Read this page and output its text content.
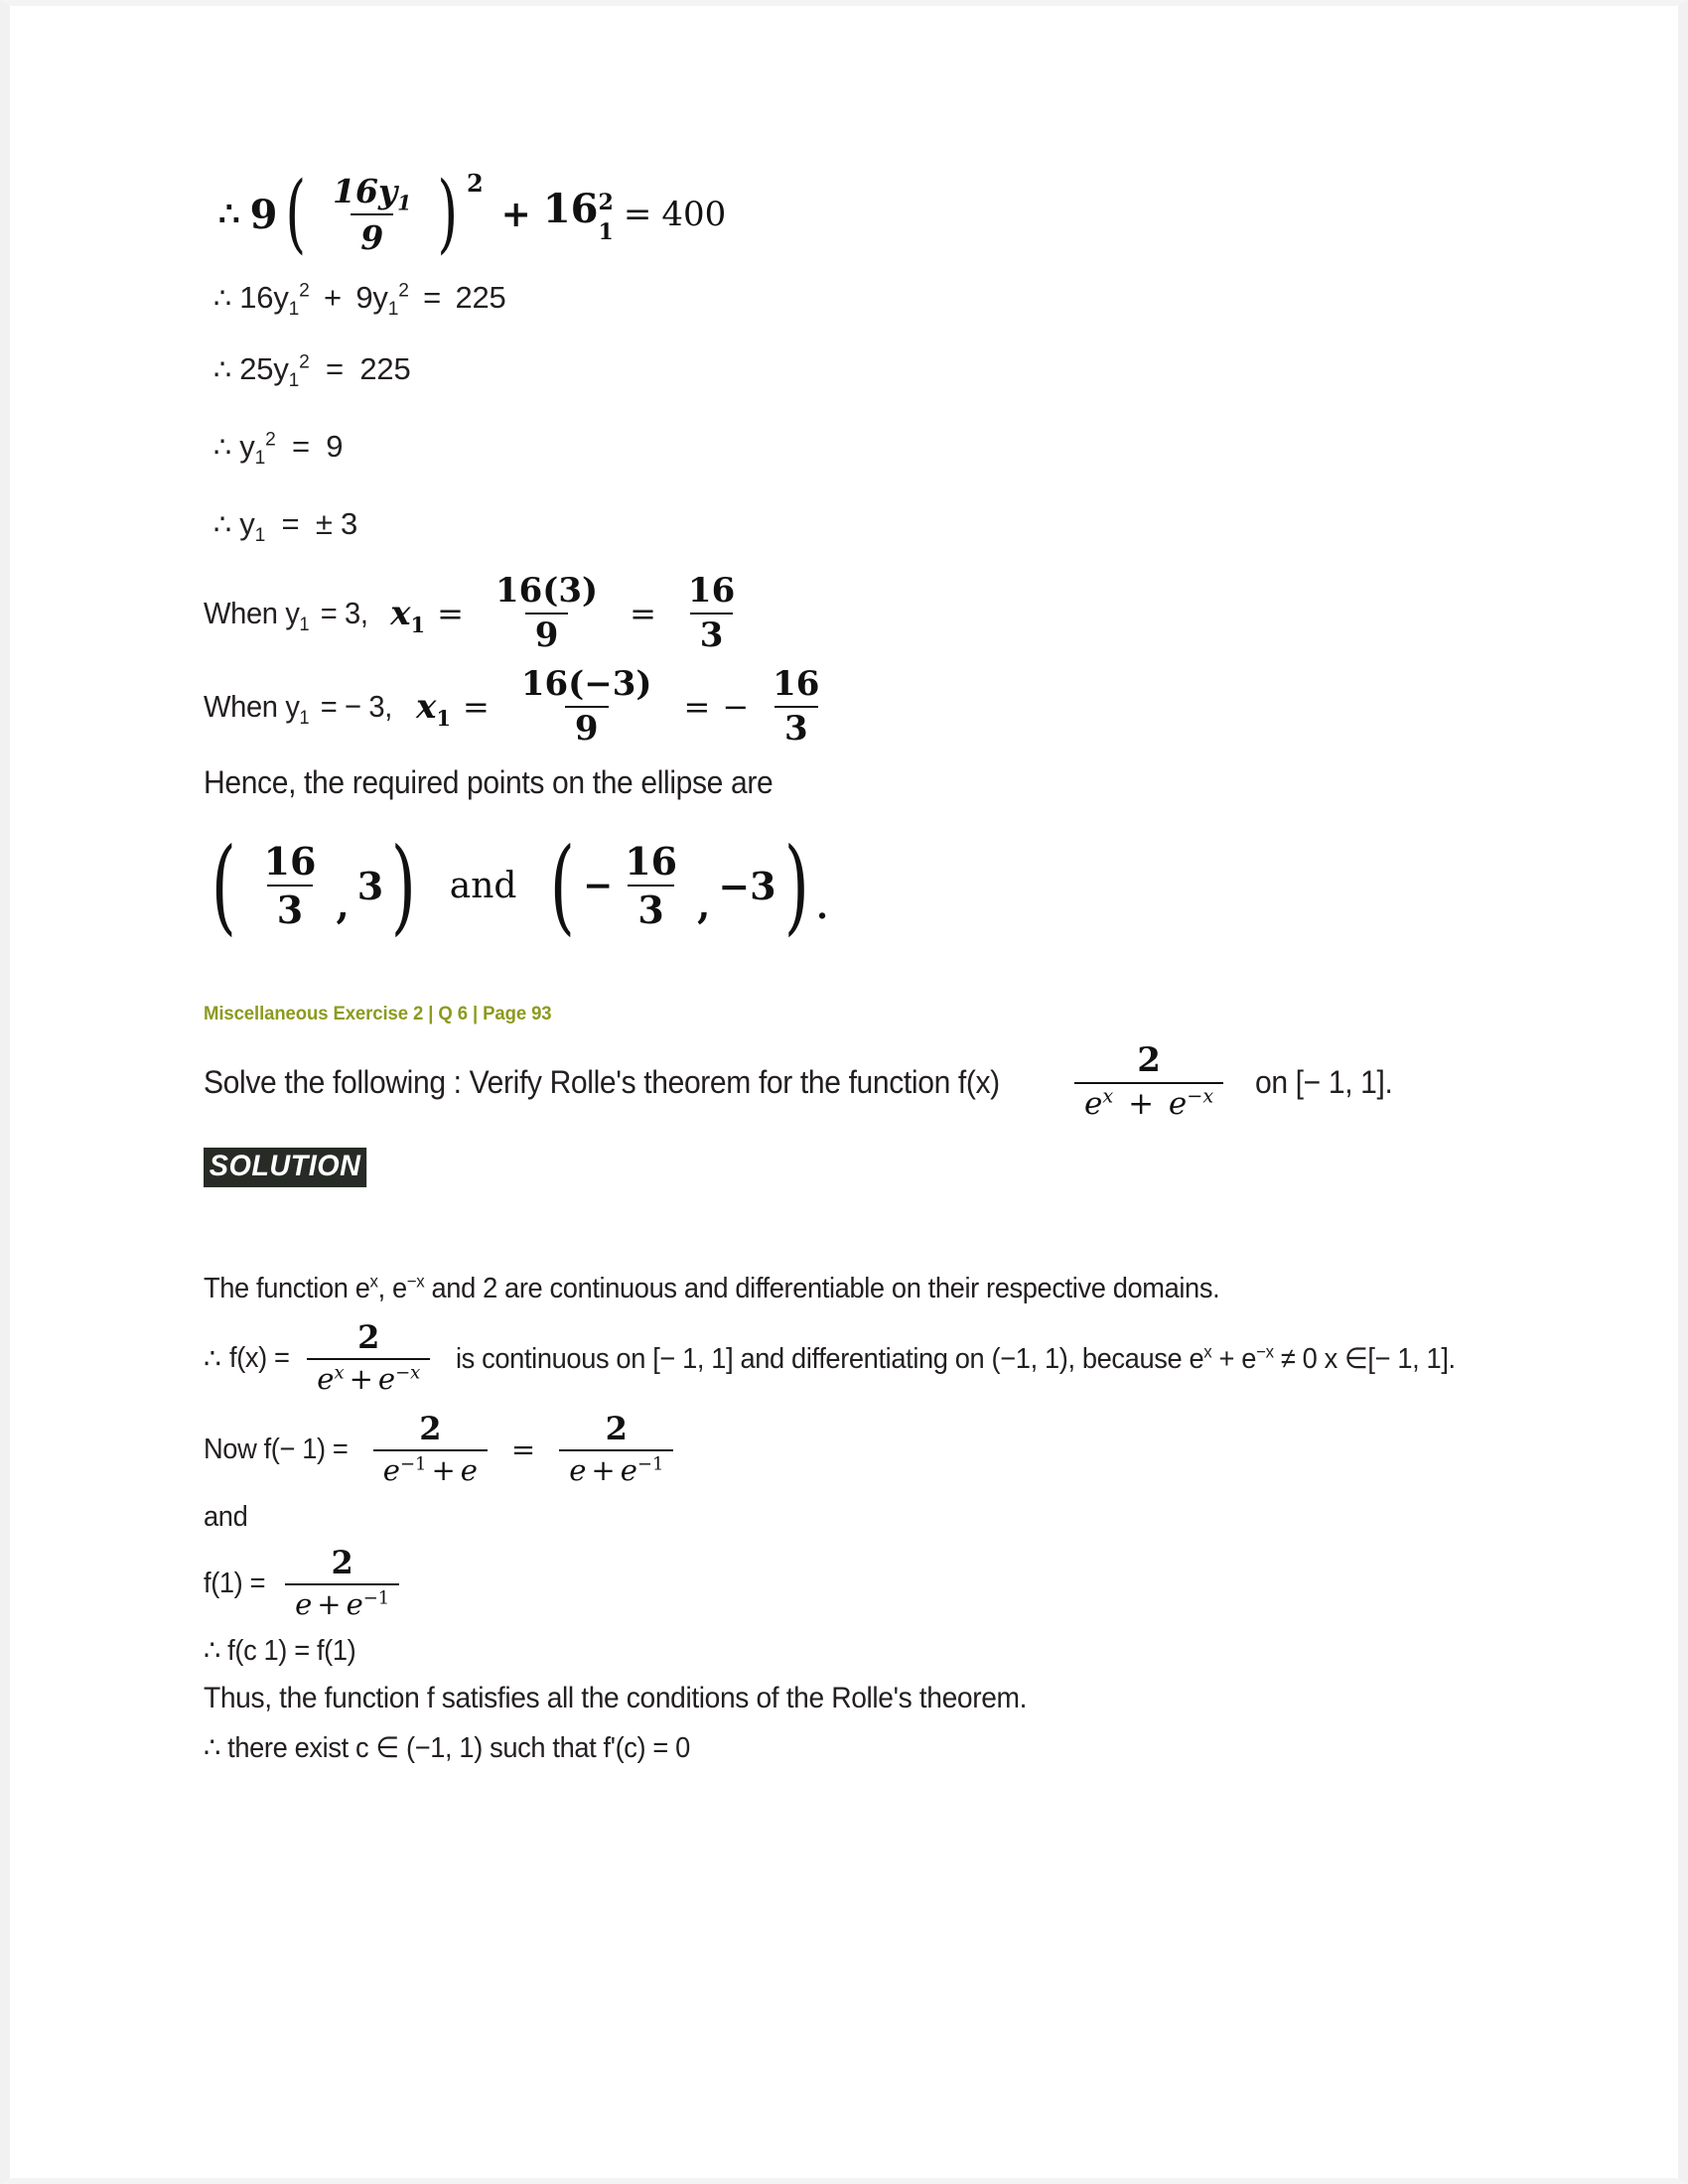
∴ 9 ( $\frac{16y_1}{9}$ ) 2
+ 16 2
1 = 400
∴ $16y_1^2 + 9y_1^2 = 225$
∴ $25y_1^2 = 225$
∴ $y_1^2 = 9$
∴ $y_1$ = ± 3
When $y_1 = 3$, $x_1 = \frac{16(3)}{9} = \frac{16}{3}$
When $y_1$ = − 3, $x_1 = \frac{16(-3)}{9}$ = − $\frac{16}{3}$
Hence, the required points on the ellipse are
( $\frac{16}{3}$ , 3 ) and ( − $\frac{16}{3}$ , −3 ) .
Miscellaneous Exercise 2 | Q 6 | Page 93
Solve the following : Verify Rolle's theorem for the function $f(x) \frac{2}{e^x + e^{-x}}$ on [− 1, 1].
SOLUTION
The function $e^x$, $e^{-x}$ and 2 are continuous and differentiable on their respective domains.
∴ $f(x) = \frac{2}{e^x + e^{-x}}$ is continuous on [− 1, 1] and differentiating on (−1, 1), because $e^x + e^{-x} \ne 0$ x ∈[− 1, 1].
Now $f(- 1) = \frac{2}{e^{-1} + e} = \frac{2}{e + e^{-1}}$
and
$f(1) = \frac{2}{e + e^{-1}}$
∴ f(c 1) = f(1)
Thus, the function f satisfies all the conditions of the Rolle's theorem.
∴ there exist c ∈ (−1, 1) such that f'(c) = 0
